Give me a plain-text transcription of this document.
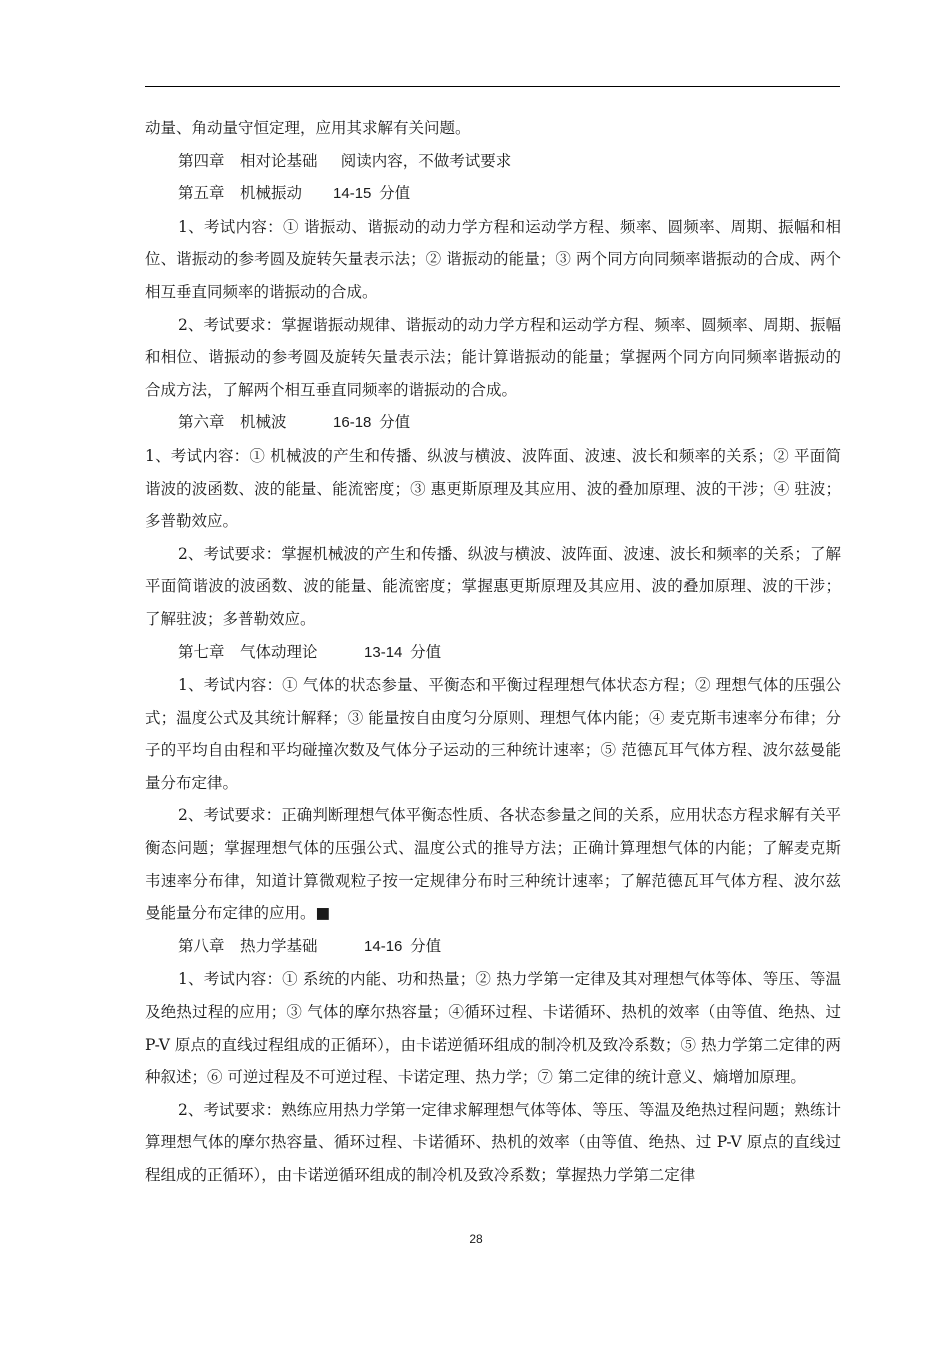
动量、角动量守恒定理，应用其求解有关问题。

第四章  相对论基础   阅读内容，不做考试要求

第五章  机械振动   14-15  分值

1、考试内容：① 谐振动、谐振动的动力学方程和运动学方程、频率、圆频率、周期、振幅和相位、谐振动的参考圆及旋转矢量表示法；② 谐振动的能量；③ 两个同方向同频率谐振动的合成、两个相互垂直同频率的谐振动的合成。

2、考试要求：掌握谐振动规律、谐振动的动力学方程和运动学方程、频率、圆频率、周期、振幅和相位、谐振动的参考圆及旋转矢量表示法；能计算谐振动的能量；掌握两个同方向同频率谐振动的合成方法，了解两个相互垂直同频率的谐振动的合成。

第六章  机械波   	16-18  分值

1、考试内容：① 机械波的产生和传播、纵波与横波、波阵面、波速、波长和频率的关系；② 平面简谐波的波函数、波的能量、能流密度；③ 惠更斯原理及其应用、波的叠加原理、波的干涉；④ 驻波；多普勒效应。

2、考试要求：掌握机械波的产生和传播、纵波与横波、波阵面、波速、波长和频率的关系；了解平面简谐波的波函数、波的能量、能流密度；掌握惠更斯原理及其应用、波的叠加原理、波的干涉；了解驻波；多普勒效应。

第七章  气体动理论   	13-14  分值

1、考试内容：① 气体的状态参量、平衡态和平衡过程理想气体状态方程；② 理想气体的压强公式；温度公式及其统计解释；③ 能量按自由度匀分原则、理想气体内能；④ 麦克斯韦速率分布律；分子的平均自由程和平均碰撞次数及气体分子运动的三种统计速率；⑤ 范德瓦耳气体方程、波尔兹曼能量分布定律。

2、考试要求：正确判断理想气体平衡态性质、各状态参量之间的关系，应用状态方程求解有关平衡态问题；掌握理想气体的压强公式、温度公式的推导方法；正确计算理想气体的内能；了解麦克斯韦速率分布律，知道计算微观粒子按一定规律分布时三种统计速率；了解范德瓦耳气体方程、波尔兹曼能量分布定律的应用。■

第八章  热力学基础   	14-16  分值

1、考试内容：① 系统的内能、功和热量；② 热力学第一定律及其对理想气体等体、等压、等温及绝热过程的应用；③ 气体的摩尔热容量；④循环过程、卡诺循环、热机的效率（由等值、绝热、过 P-V 原点的直线过程组成的正循环），由卡诺逆循环组成的制冷机及致冷系数；⑤ 热力学第二定律的两种叙述；⑥ 可逆过程及不可逆过程、卡诺定理、热力学；⑦ 第二定律的统计意义、熵增加原理。

2、考试要求：熟练应用热力学第一定律求解理想气体等体、等压、等温及绝热过程问题；熟练计算理想气体的摩尔热容量、循环过程、卡诺循环、热机的效率（由等值、绝热、过 P-V 原点的直线过程组成的正循环），由卡诺逆循环组成的制冷机及致冷系数；掌握热力学第二定律

28
